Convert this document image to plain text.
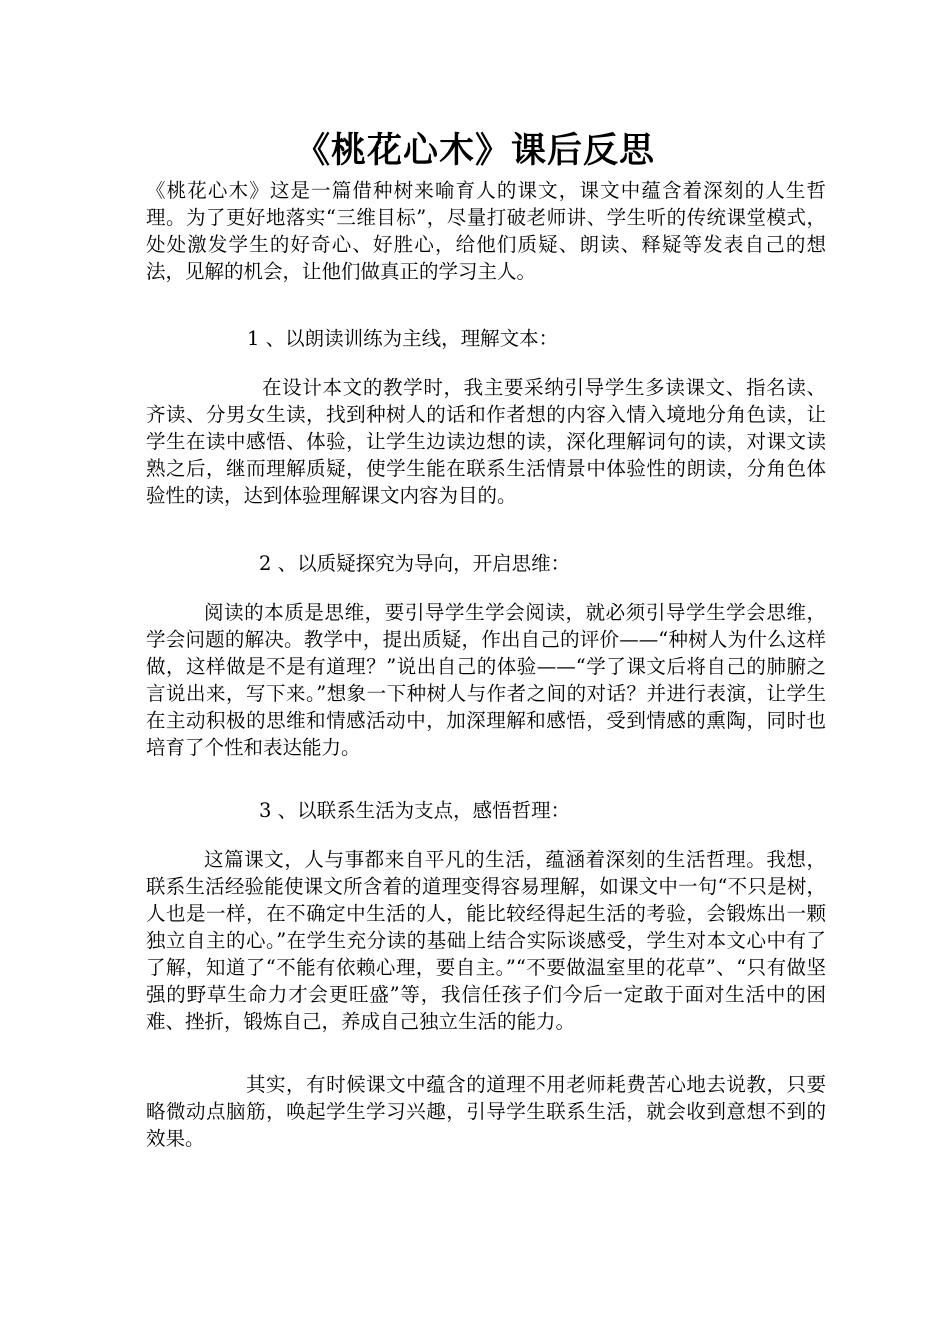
《桃花心木》课后反思

《桃花心木》这是一篇借种树来喻育人的课文，课文中蕴含着深刻的人生哲理。为了更好地落实“三维目标”，尽量打破老师讲、学生听的传统课堂模式，处处激发学生的好奇心、好胜心，给他们质疑、朗读、释疑等发表自己的想法，见解的机会，让他们做真正的学习主人。

1 、以朗读训练为主线，理解文本：

在设计本文的教学时，我主要采纳引导学生多读课文、指名读、齐读、分男女生读，找到种树人的话和作者想的内容入情入境地分角色读，让学生在读中感悟、体验，让学生边读边想的读，深化理解词句的读，对课文读熟之后，继而理解质疑，使学生能在联系生活情景中体验性的朗读，分角色体验性的读，达到体验理解课文内容为目的。

2 、以质疑探究为导向，开启思维：

阅读的本质是思维，要引导学生学会阅读，就必须引导学生学会思维，学会问题的解决。教学中，提出质疑，作出自己的评价——“种树人为什么这样做，这样做是不是有道理？”说出自己的体验——“学了课文后将自己的肺腑之言说出来，写下来。”想象一下种树人与作者之间的对话？并进行表演，让学生在主动积极的思维和情感活动中，加深理解和感悟，受到情感的熏陶，同时也培育了个性和表达能力。

3 、以联系生活为支点，感悟哲理：

这篇课文，人与事都来自平凡的生活，蕴涵着深刻的生活哲理。我想，联系生活经验能使课文所含着的道理变得容易理解，如课文中一句“不只是树，人也是一样，在不确定中生活的人，能比较经得起生活的考验，会锻炼出一颗独立自主的心。”在学生充分读的基础上结合实际谈感受，学生对本文心中有了了解，知道了“不能有依赖心理，要自主。”“不要做温室里的花草”、“只有做坚强的野草生命力才会更旺盛”等，我信任孩子们今后一定敢于面对生活中的困难、挫折，锻炼自己，养成自己独立生活的能力。

其实，有时候课文中蕴含的道理不用老师耗费苦心地去说教，只要略微动点脑筋，唤起学生学习兴趣，引导学生联系生活，就会收到意想不到的效果。
